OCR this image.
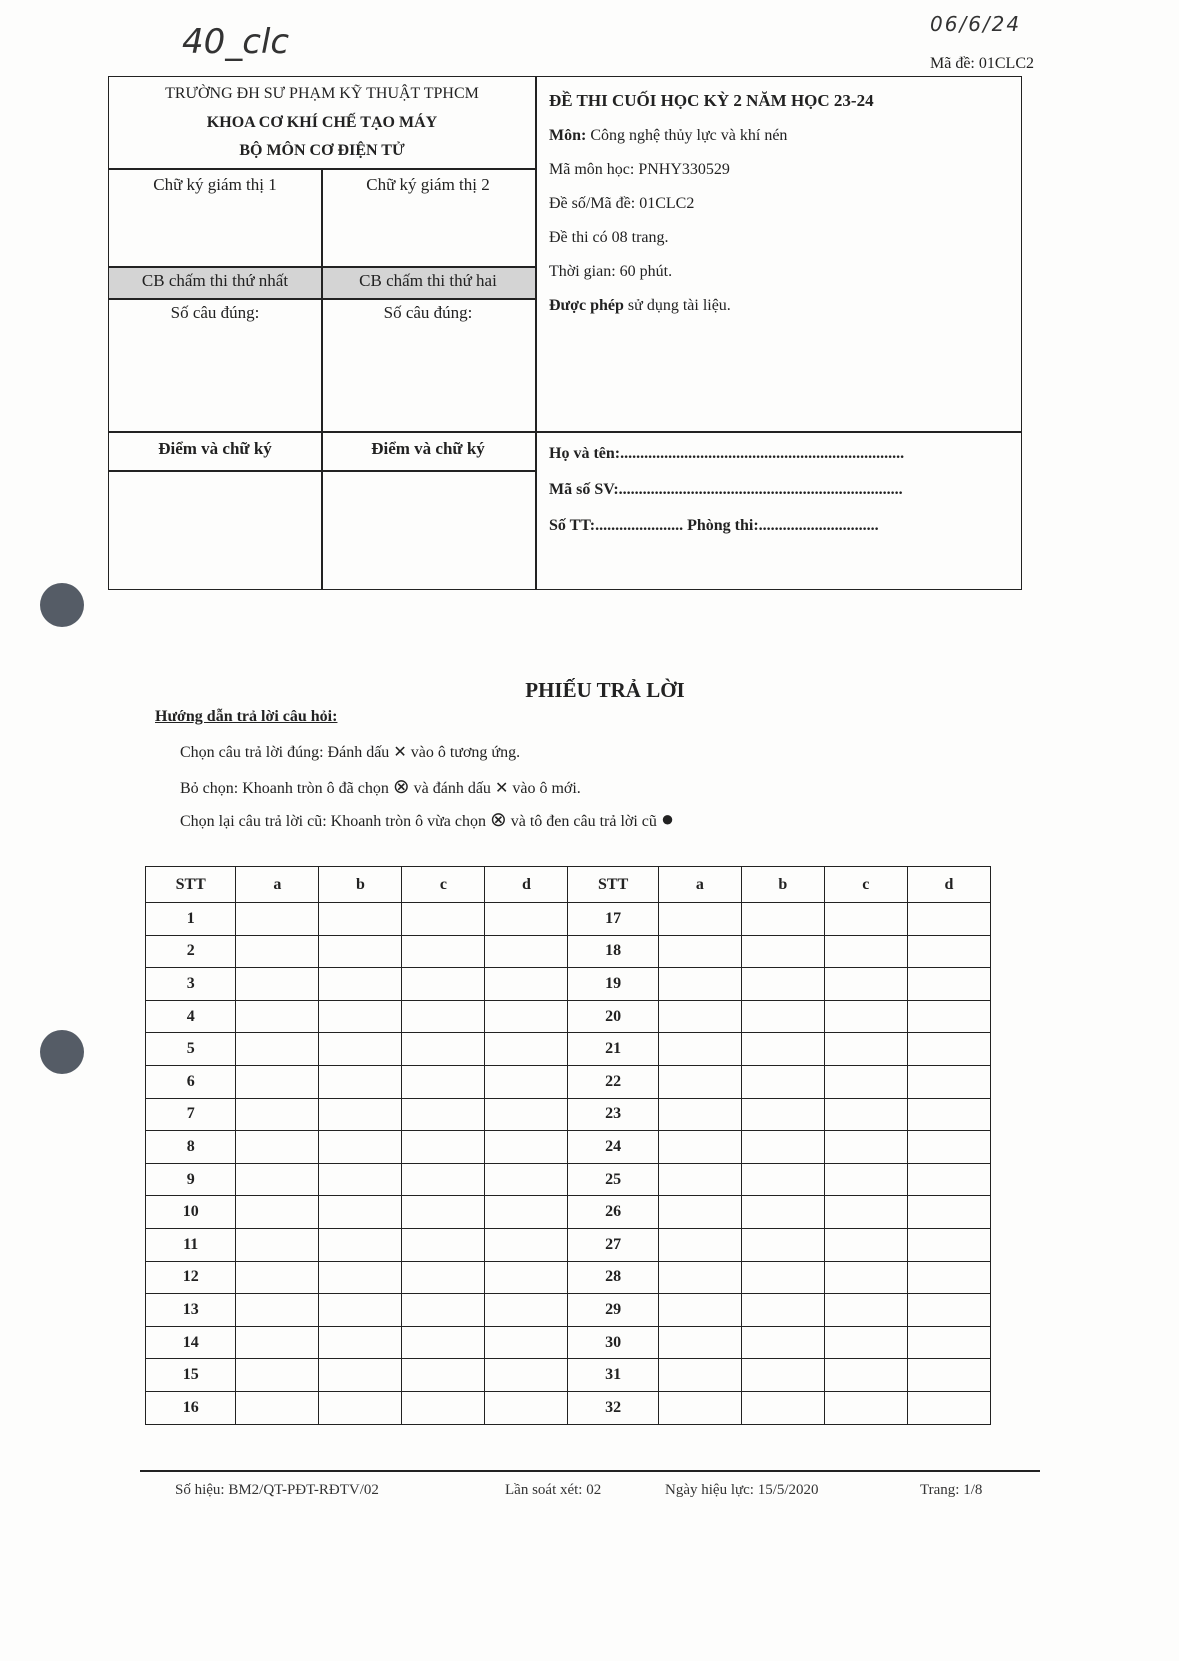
40_clc	06/6/24
Mã đề: 01CLC2
TRƯỜNG ĐH SƯ PHẠM KỸ THUẬT TPHCM
KHOA CƠ KHÍ CHẾ TẠO MÁY
BỘ MÔN CƠ ĐIỆN TỬ
Chữ ký giám thị 1	Chữ ký giám thị 2
CB chấm thi thứ nhất	CB chấm thi thứ hai
Số câu đúng:	Số câu đúng:
Điểm và chữ ký	Điểm và chữ ký
ĐỀ THI CUỐI HỌC KỲ 2 NĂM HỌC 23-24
Môn: Công nghệ thủy lực và khí nén
Mã môn học: PNHY330529
Đề số/Mã đề: 01CLC2
Đề thi có 08 trang.
Thời gian: 60 phút.
Được phép sử dụng tài liệu.
Họ và tên:.......................................................................
Mã số SV:.......................................................................
Số TT:...................... Phòng thi:..............................
PHIẾU TRẢ LỜI
Hướng dẫn trả lời câu hỏi:
Chọn câu trả lời đúng: Đánh dấu ✕ vào ô tương ứng.
Bỏ chọn: Khoanh tròn ô đã chọn ⊗ và đánh dấu ✕ vào ô mới.
Chọn lại câu trả lời cũ: Khoanh tròn ô vừa chọn ⊗ và tô đen câu trả lời cũ ●
STT	a	b	c	d	STT	a	b	c	d
1					17				
2					18				
3					19				
4					20				
5					21				
6					22				
7					23				
8					24				
9					25				
10					26				
11					27				
12					28				
13					29				
14					30				
15					31				
16					32				
Số hiệu: BM2/QT-PĐT-RĐTV/02	Lần soát xét: 02	Ngày hiệu lực: 15/5/2020	Trang: 1/8
